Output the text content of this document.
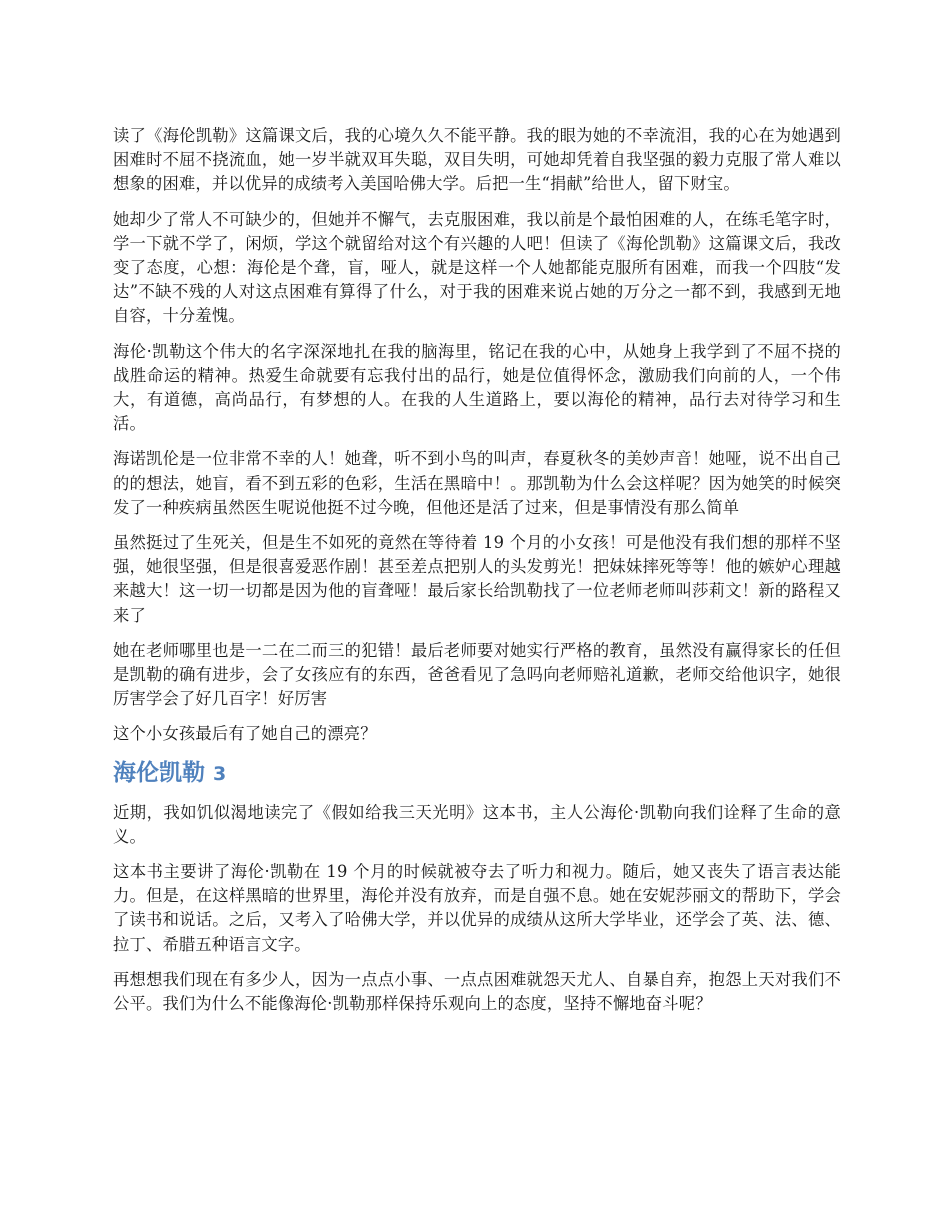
读了《海伦凯勒》这篇课文后，我的心境久久不能平静。我的眼为她的不幸流泪，我的心在为她遇到困难时不屈不挠流血，她一岁半就双耳失聪，双目失明，可她却凭着自我坚强的毅力克服了常人难以想象的困难，并以优异的成绩考入美国哈佛大学。后把一生“捐献”给世人，留下财宝。

她却少了常人不可缺少的，但她并不懈气，去克服困难，我以前是个最怕困难的人，在练毛笔字时，学一下就不学了，闲烦，学这个就留给对这个有兴趣的人吧！但读了《海伦凯勒》这篇课文后，我改变了态度，心想：海伦是个聋，盲，哑人，就是这样一个人她都能克服所有困难，而我一个四肢“发达”不缺不残的人对这点困难有算得了什么，对于我的困难来说占她的万分之一都不到，我感到无地自容，十分羞愧。

海伦·凯勒这个伟大的名字深深地扎在我的脑海里，铭记在我的心中，从她身上我学到了不屈不挠的战胜命运的精神。热爱生命就要有忘我付出的品行，她是位值得怀念，激励我们向前的人，一个伟大，有道德，高尚品行，有梦想的人。在我的人生道路上，要以海伦的精神，品行去对待学习和生活。

海诺凯伦是一位非常不幸的人！她聋，听不到小鸟的叫声，春夏秋冬的美妙声音！她哑，说不出自己的的想法，她盲，看不到五彩的色彩，生活在黑暗中！。那凯勒为什么会这样呢？因为她笑的时候突发了一种疾病虽然医生呢说他挺不过今晚，但他还是活了过来，但是事情没有那么简单

虽然挺过了生死关，但是生不如死的竟然在等待着 19 个月的小女孩！可是他没有我们想的那样不坚强，她很坚强，但是很喜爱恶作剧！甚至差点把别人的头发剪光！把妹妹摔死等等！他的嫉妒心理越来越大！这一切一切都是因为他的盲聋哑！最后家长给凯勒找了一位老师老师叫莎莉文！新的路程又来了

她在老师哪里也是一二在二而三的犯错！最后老师要对她实行严格的教育，虽然没有赢得家长的任但是凯勒的确有进步，会了女孩应有的东西，爸爸看见了急吗向老师赔礼道歉，老师交给他识字，她很厉害学会了好几百字！好厉害

这个小女孩最后有了她自己的漂亮？

海伦凯勒 3

近期，我如饥似渴地读完了《假如给我三天光明》这本书，主人公海伦·凯勒向我们诠释了生命的意义。

这本书主要讲了海伦·凯勒在 19 个月的时候就被夺去了听力和视力。随后，她又丧失了语言表达能力。但是，在这样黑暗的世界里，海伦并没有放弃，而是自强不息。她在安妮莎丽文的帮助下，学会了读书和说话。之后，又考入了哈佛大学，并以优异的成绩从这所大学毕业，还学会了英、法、德、拉丁、希腊五种语言文字。

再想想我们现在有多少人，因为一点点小事、一点点困难就怨天尤人、自暴自弃，抱怨上天对我们不公平。我们为什么不能像海伦·凯勒那样保持乐观向上的态度，坚持不懈地奋斗呢？
